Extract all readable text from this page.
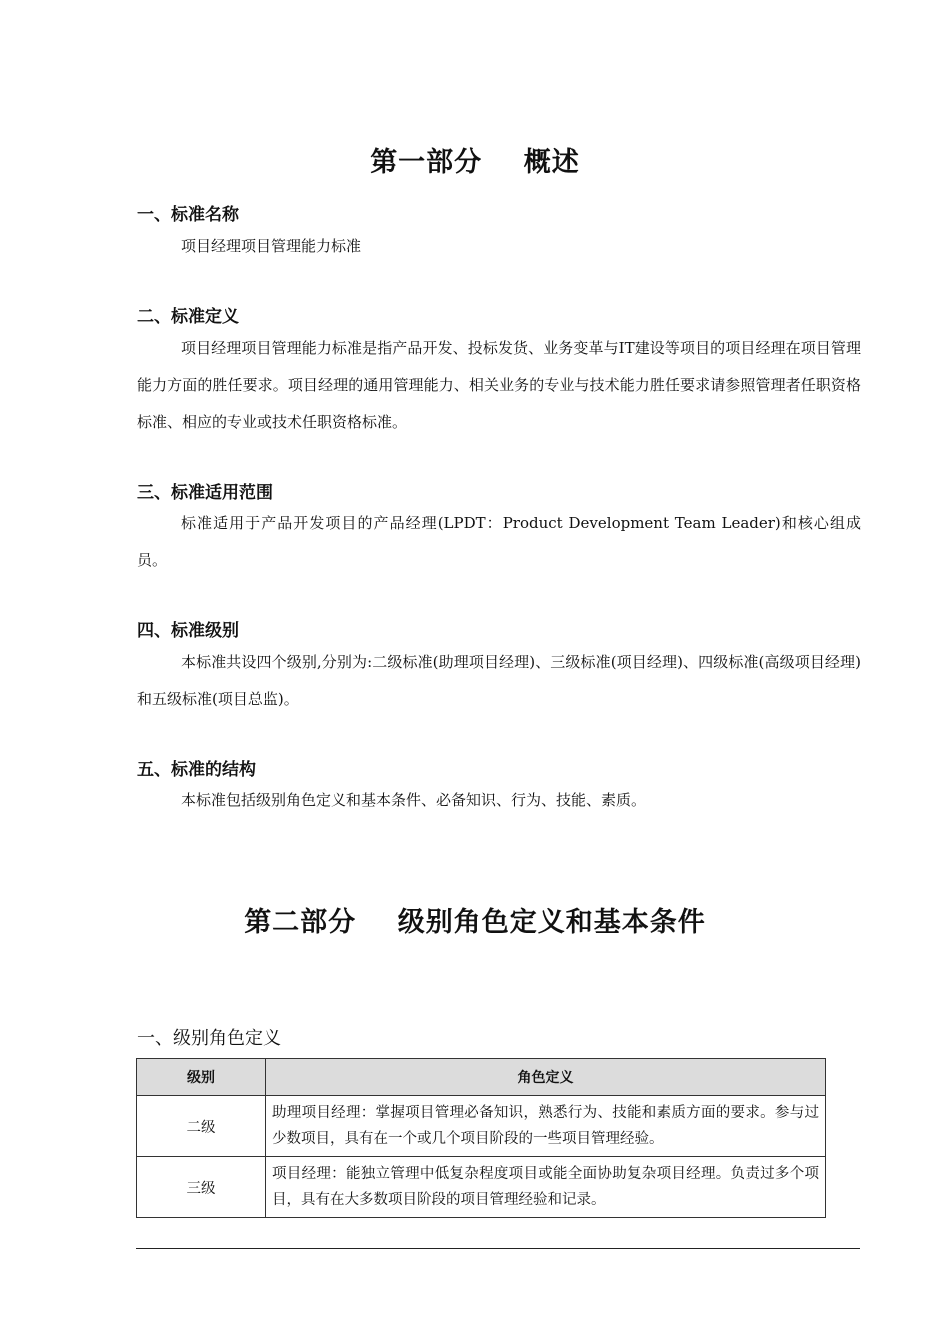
第一部分    概述
一、标准名称
项目经理项目管理能力标准
二、标准定义
项目经理项目管理能力标准是指产品开发、投标发货、业务变革与IT建设等项目的项目经理在项目管理能力方面的胜任要求。项目经理的通用管理能力、相关业务的专业与技术能力胜任要求请参照管理者任职资格标准、相应的专业或技术任职资格标准。
三、标准适用范围
标准适用于产品开发项目的产品经理(LPDT：Product Development Team Leader)和核心组成员。
四、标准级别
本标准共设四个级别,分别为:二级标准(助理项目经理)、三级标准(项目经理)、四级标准(高级项目经理)和五级标准(项目总监)。
五、标准的结构
本标准包括级别角色定义和基本条件、必备知识、行为、技能、素质。
第二部分    级别角色定义和基本条件
一、级别角色定义
级别	角色定义
二级	助理项目经理：掌握项目管理必备知识，熟悉行为、技能和素质方面的要求。参与过少数项目，具有在一个或几个项目阶段的一些项目管理经验。
三级	项目经理：能独立管理中低复杂程度项目或能全面协助复杂项目经理。负责过多个项目，具有在大多数项目阶段的项目管理经验和记录。
